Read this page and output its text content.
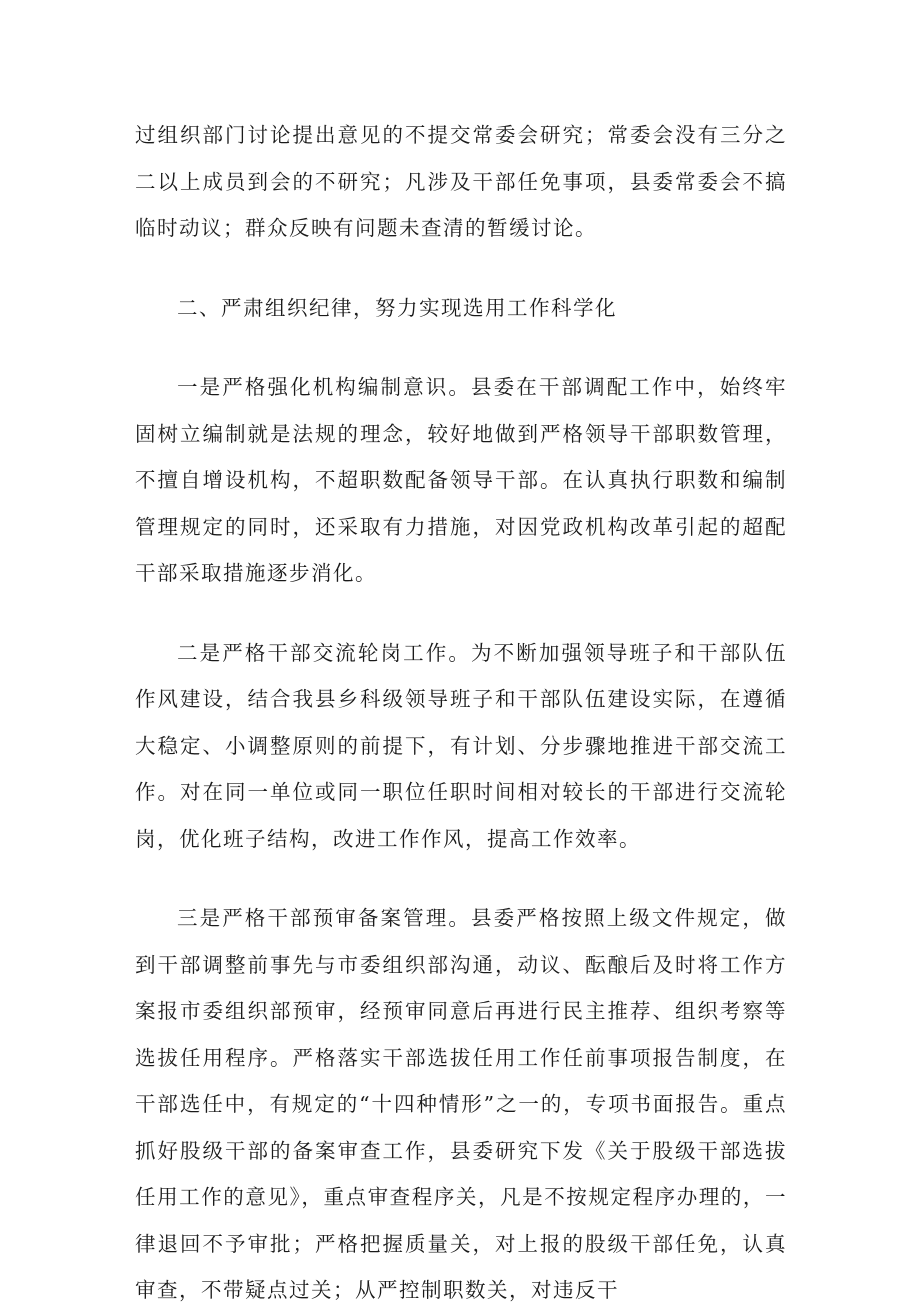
过组织部门讨论提出意见的不提交常委会研究；常委会没有三分之二以上成员到会的不研究；凡涉及干部任免事项，县委常委会不搞临时动议；群众反映有问题未查清的暂缓讨论。

二、严肃组织纪律，努力实现选用工作科学化

一是严格强化机构编制意识。县委在干部调配工作中，始终牢固树立编制就是法规的理念，较好地做到严格领导干部职数管理，不擅自增设机构，不超职数配备领导干部。在认真执行职数和编制管理规定的同时，还采取有力措施，对因党政机构改革引起的超配干部采取措施逐步消化。

二是严格干部交流轮岗工作。为不断加强领导班子和干部队伍作风建设，结合我县乡科级领导班子和干部队伍建设实际，在遵循大稳定、小调整原则的前提下，有计划、分步骤地推进干部交流工作。对在同一单位或同一职位任职时间相对较长的干部进行交流轮岗，优化班子结构，改进工作作风，提高工作效率。

三是严格干部预审备案管理。县委严格按照上级文件规定，做到干部调整前事先与市委组织部沟通，动议、酝酿后及时将工作方案报市委组织部预审，经预审同意后再进行民主推荐、组织考察等选拔任用程序。严格落实干部选拔任用工作任前事项报告制度，在干部选任中，有规定的“十四种情形”之一的，专项书面报告。重点抓好股级干部的备案审查工作，县委研究下发《关于股级干部选拔任用工作的意见》，重点审查程序关，凡是不按规定程序办理的，一律退回不予审批；严格把握质量关，对上报的股级干部任免，认真审查，不带疑点过关；从严控制职数关，对违反干
